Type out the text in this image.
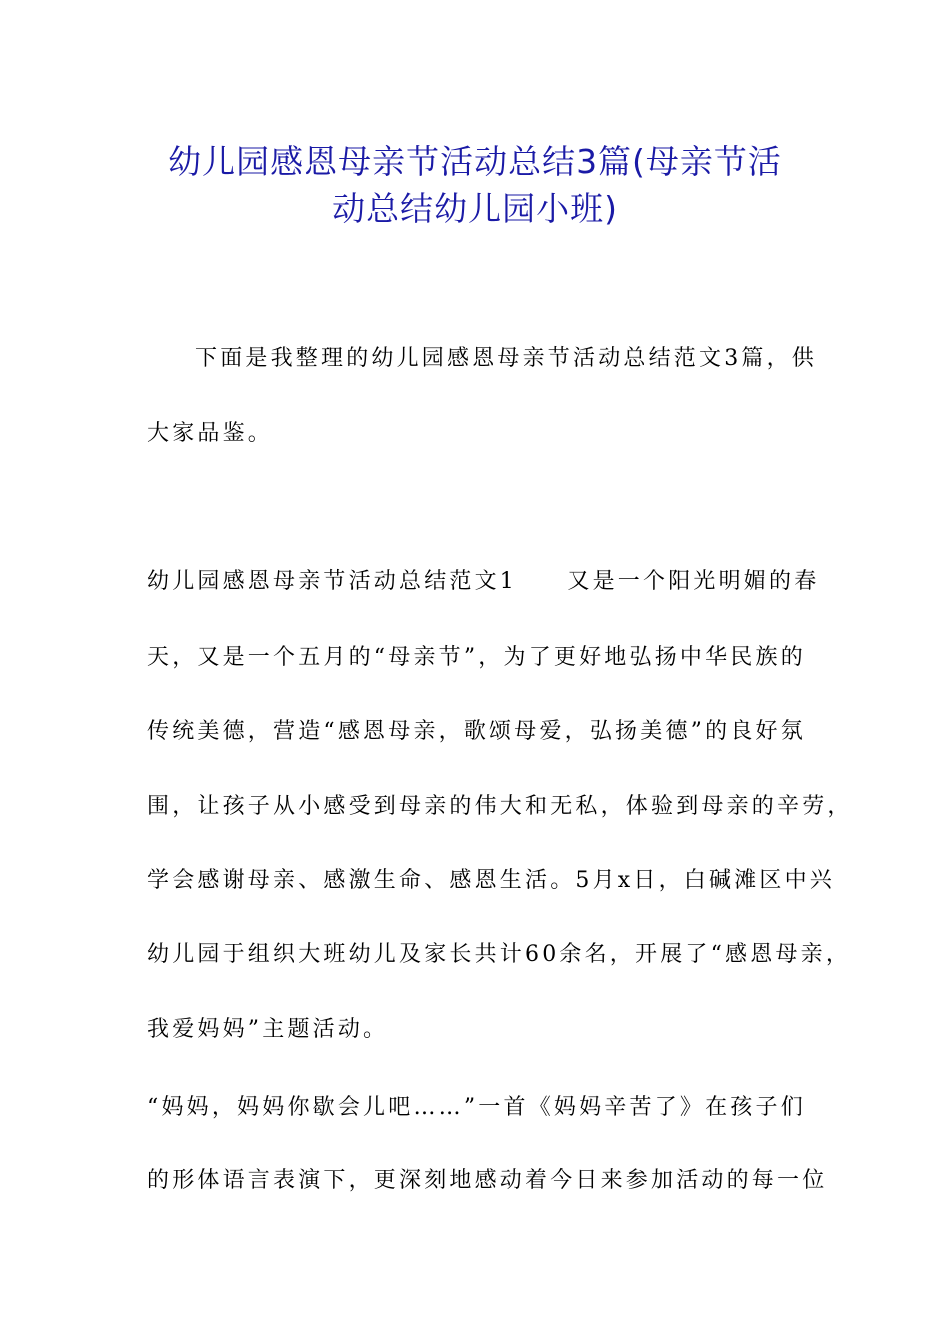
幼儿园感恩母亲节活动总结3篇(母亲节活
动总结幼儿园小班)
下面是我整理的幼儿园感恩母亲节活动总结范文3篇，供
大家品鉴。
幼儿园感恩母亲节活动总结范文1　　又是一个阳光明媚的春
天，又是一个五月的“母亲节”，为了更好地弘扬中华民族的
传统美德，营造“感恩母亲，歌颂母爱，弘扬美德”的良好氛
围，让孩子从小感受到母亲的伟大和无私，体验到母亲的辛劳，
学会感谢母亲、感激生命、感恩生活。5月x日，白碱滩区中兴
幼儿园于组织大班幼儿及家长共计60余名，开展了“感恩母亲，
我爱妈妈”主题活动。
“妈妈，妈妈你歇会儿吧……”一首《妈妈辛苦了》在孩子们
的形体语言表演下，更深刻地感动着今日来参加活动的每一位
